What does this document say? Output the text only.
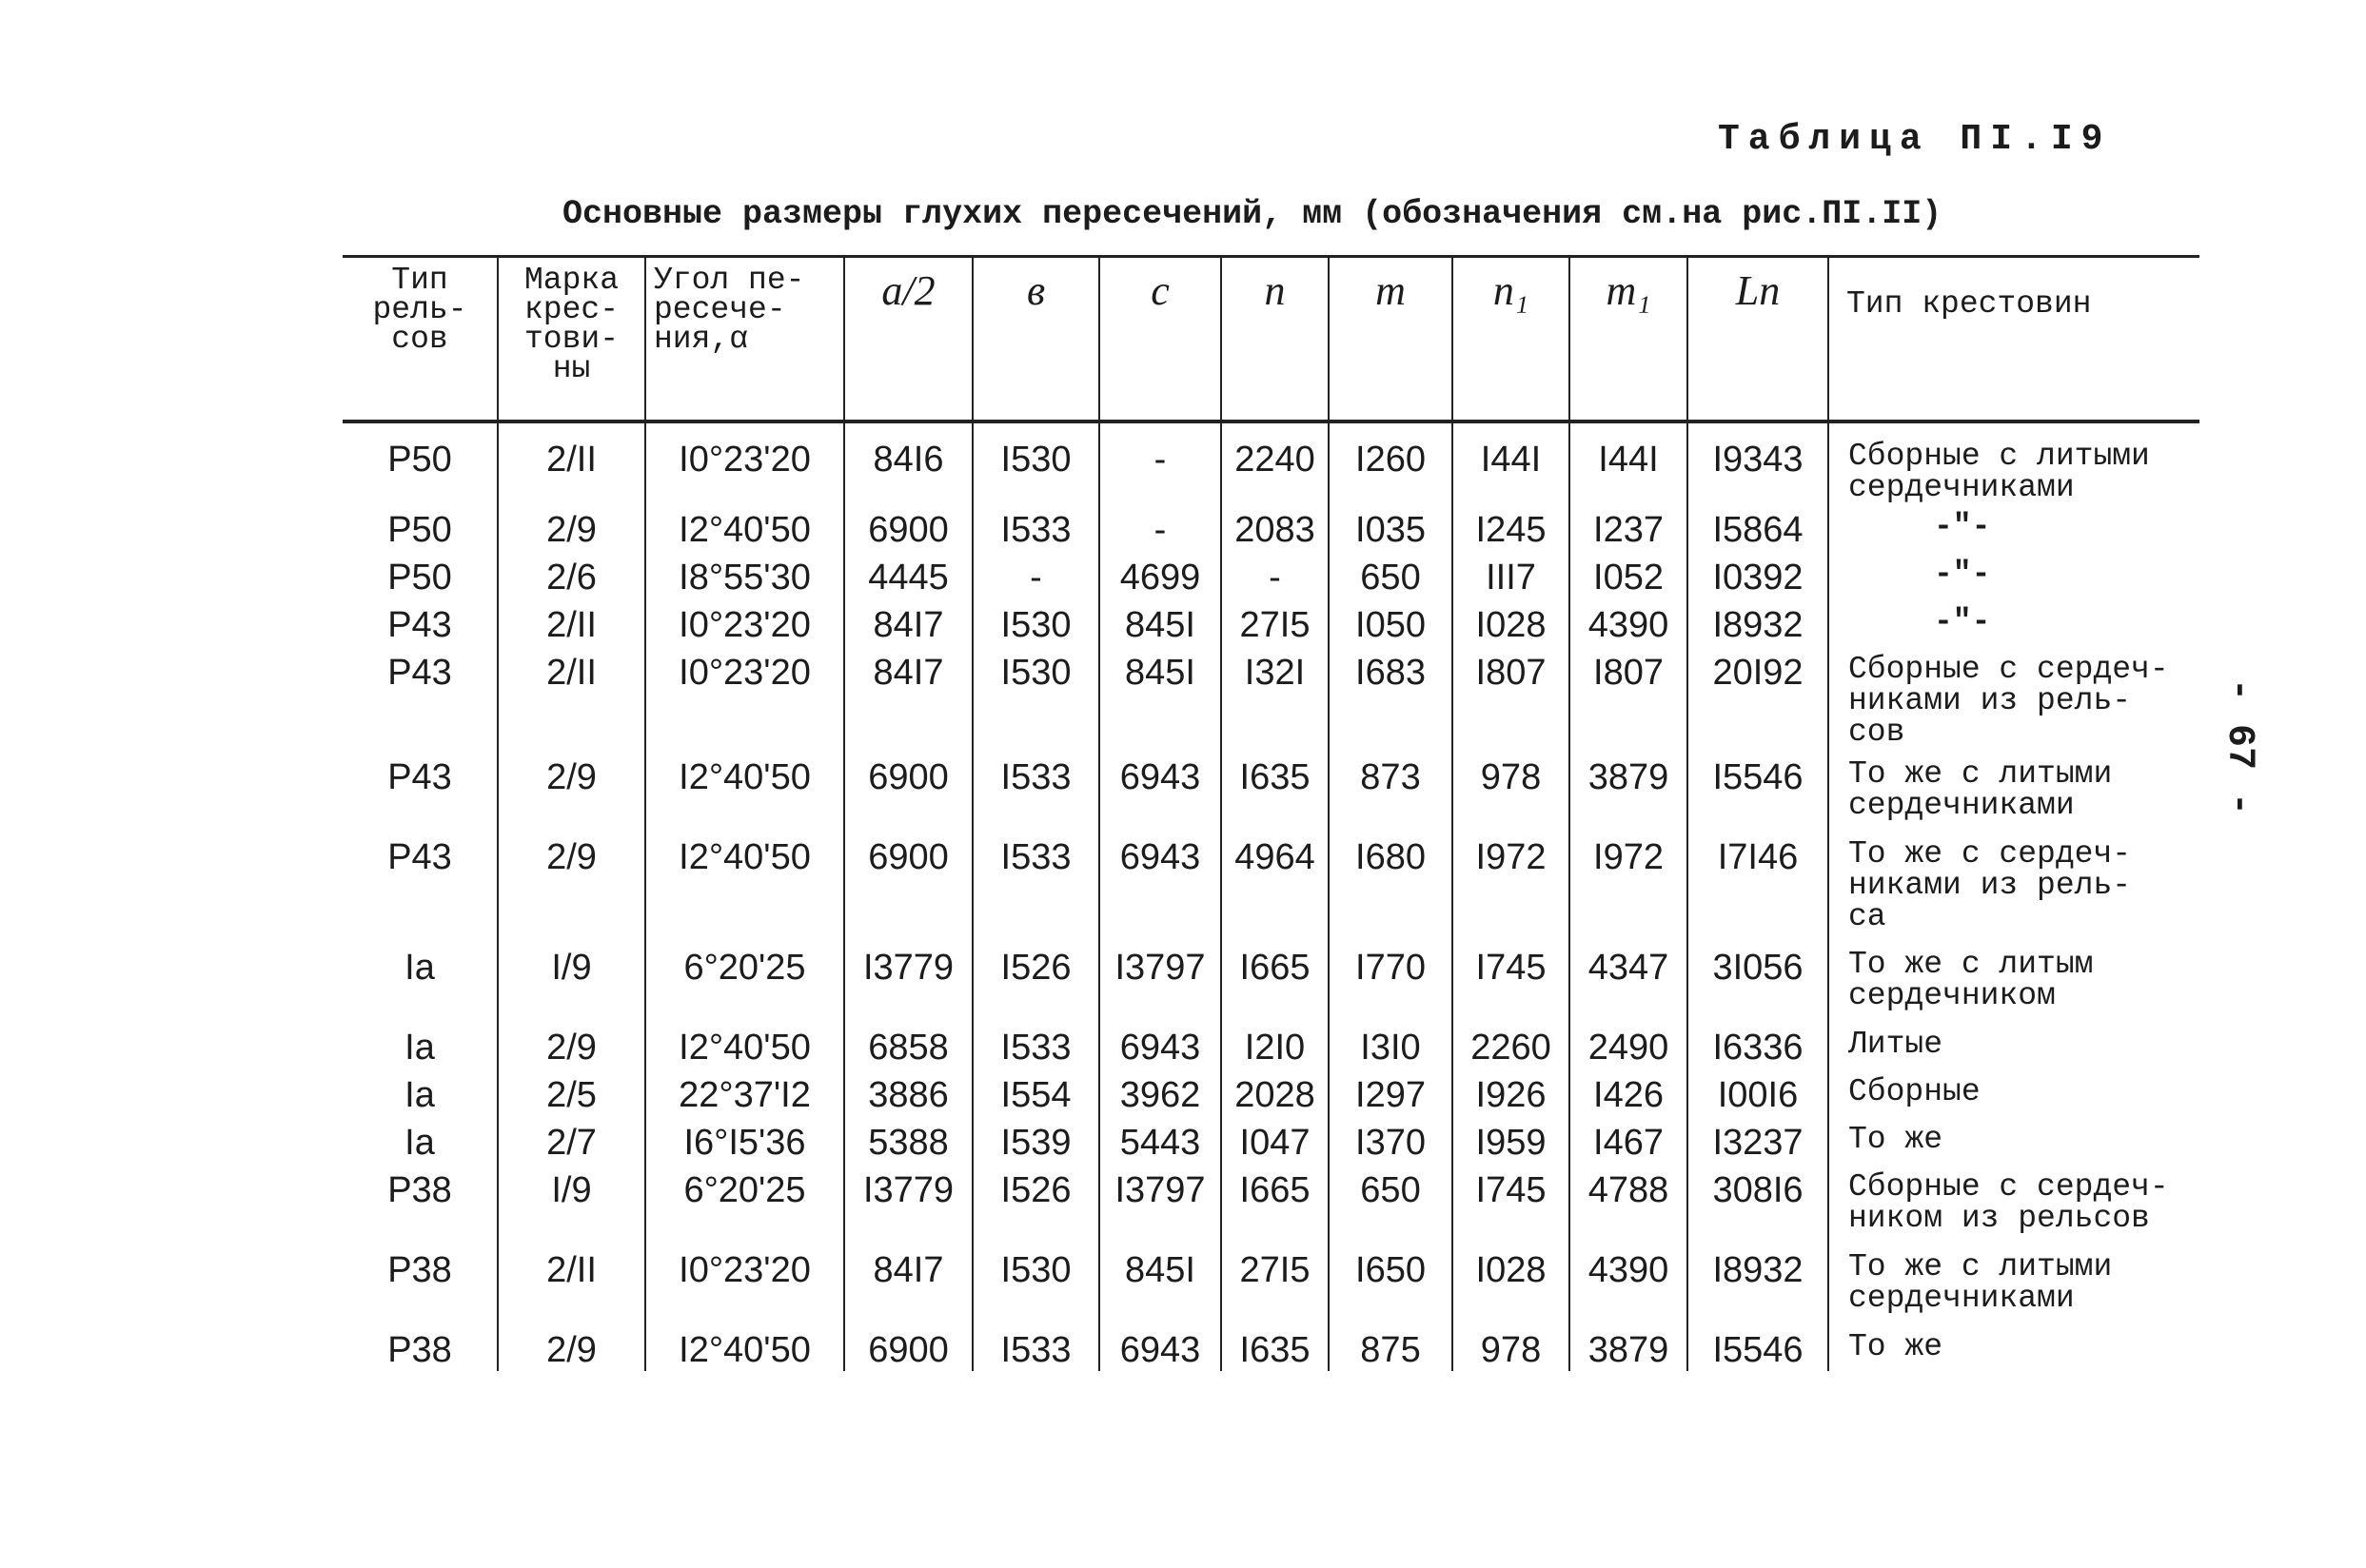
Таблица ПI.I9
Основные размеры глухих пересечений, мм (обозначения см.на рис.ПI.II)
- 67 -
Тип
рель-
сов	Марка
крес-
тови-
ны	Угол пе-
ресече-
ния,α	a/2	в	c	n	m	n₁	m₁	Lп	Тип крестовин

P50	2/II	I0°23'20	84I6	I530	-	2240	I260	I44I	I44I	I9343	Сборные с литыми
сердечниками
P50	2/9	I2°40'50	6900	I533	-	2083	I035	I245	I237	I5864	-"-
P50	2/6	I8°55'30	4445	-	4699	-	650	III7	I052	I0392	-"-
P43	2/II	I0°23'20	84I7	I530	845I	27I5	I050	I028	4390	I8932	-"-
P43	2/II	I0°23'20	84I7	I530	845I	I32I	I683	I807	I807	20I92	Сборные с сердеч-
никами из рель-
сов
P43	2/9	I2°40'50	6900	I533	6943	I635	873	978	3879	I5546	То же с литыми
сердечниками
P43	2/9	I2°40'50	6900	I533	6943	4964	I680	I972	I972	I7I46	То же с сердеч-
никами из рель-
са
Ia	I/9	6°20'25	I3779	I526	I3797	I665	I770	I745	4347	3I056	То же с литым
сердечником
Ia	2/9	I2°40'50	6858	I533	6943	I2I0	I3I0	2260	2490	I6336	Литые
Ia	2/5	22°37'I2	3886	I554	3962	2028	I297	I926	I426	I00I6	Сборные
Ia	2/7	I6°I5'36	5388	I539	5443	I047	I370	I959	I467	I3237	То же
P38	I/9	6°20'25	I3779	I526	I3797	I665	650	I745	4788	308I6	Сборные с сердеч-
ником из рельсов
P38	2/II	I0°23'20	84I7	I530	845I	27I5	I650	I028	4390	I8932	То же с литыми
сердечниками
P38	2/9	I2°40'50	6900	I533	6943	I635	875	978	3879	I5546	То же
